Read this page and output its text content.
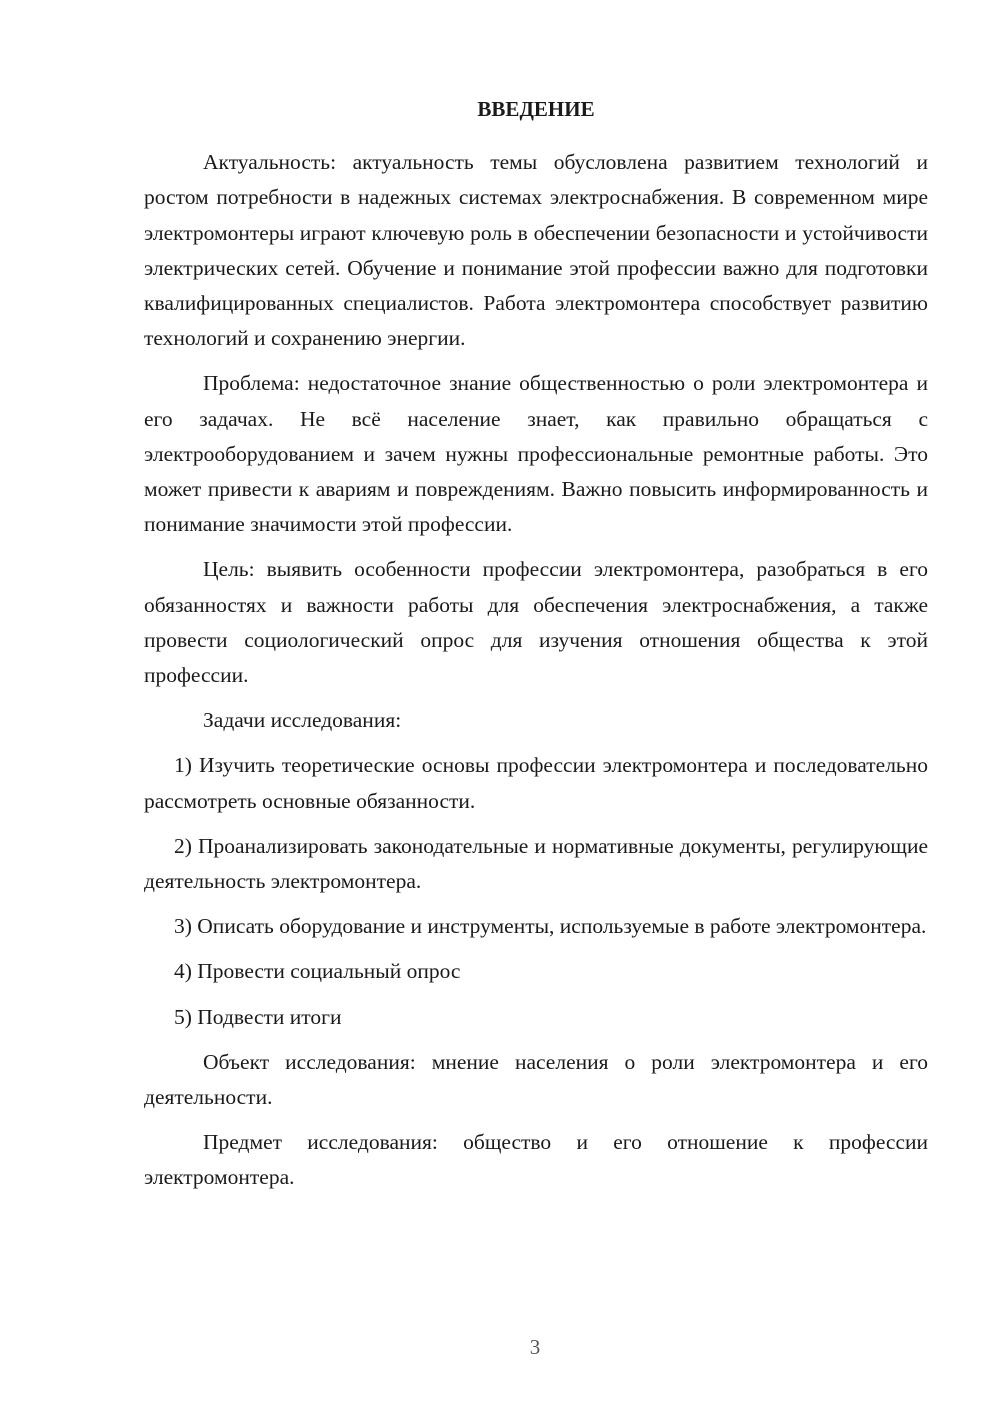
ВВЕДЕНИЕ

Актуальность: актуальность темы обусловлена развитием технологий и ростом потребности в надежных системах электроснабжения. В современном мире электромонтеры играют ключевую роль в обеспечении безопасности и устойчивости электрических сетей. Обучение и понимание этой профессии важно для подготовки квалифицированных специалистов. Работа электромонтера способствует развитию технологий и сохранению энергии.

Проблема: недостаточное знание общественностью о роли электромонтера и его задачах. Не всё население знает, как правильно обращаться с электрооборудованием и зачем нужны профессиональные ремонтные работы. Это может привести к авариям и повреждениям. Важно повысить информированность и понимание значимости этой профессии.

Цель: выявить особенности профессии электромонтера, разобраться в его обязанностях и важности работы для обеспечения электроснабжения, а также провести социологический опрос для изучения отношения общества к этой профессии.

Задачи исследования:

1) Изучить теоретические основы профессии электромонтера и последовательно рассмотреть основные обязанности.

2) Проанализировать законодательные и нормативные документы, регулирующие деятельность электромонтера.

3) Описать оборудование и инструменты, используемые в работе электромонтера.

4) Провести социальный опрос

5) Подвести итоги

Объект исследования: мнение населения о роли электромонтера и его деятельности.

Предмет исследования: общество и его отношение к профессии электромонтера.

3
